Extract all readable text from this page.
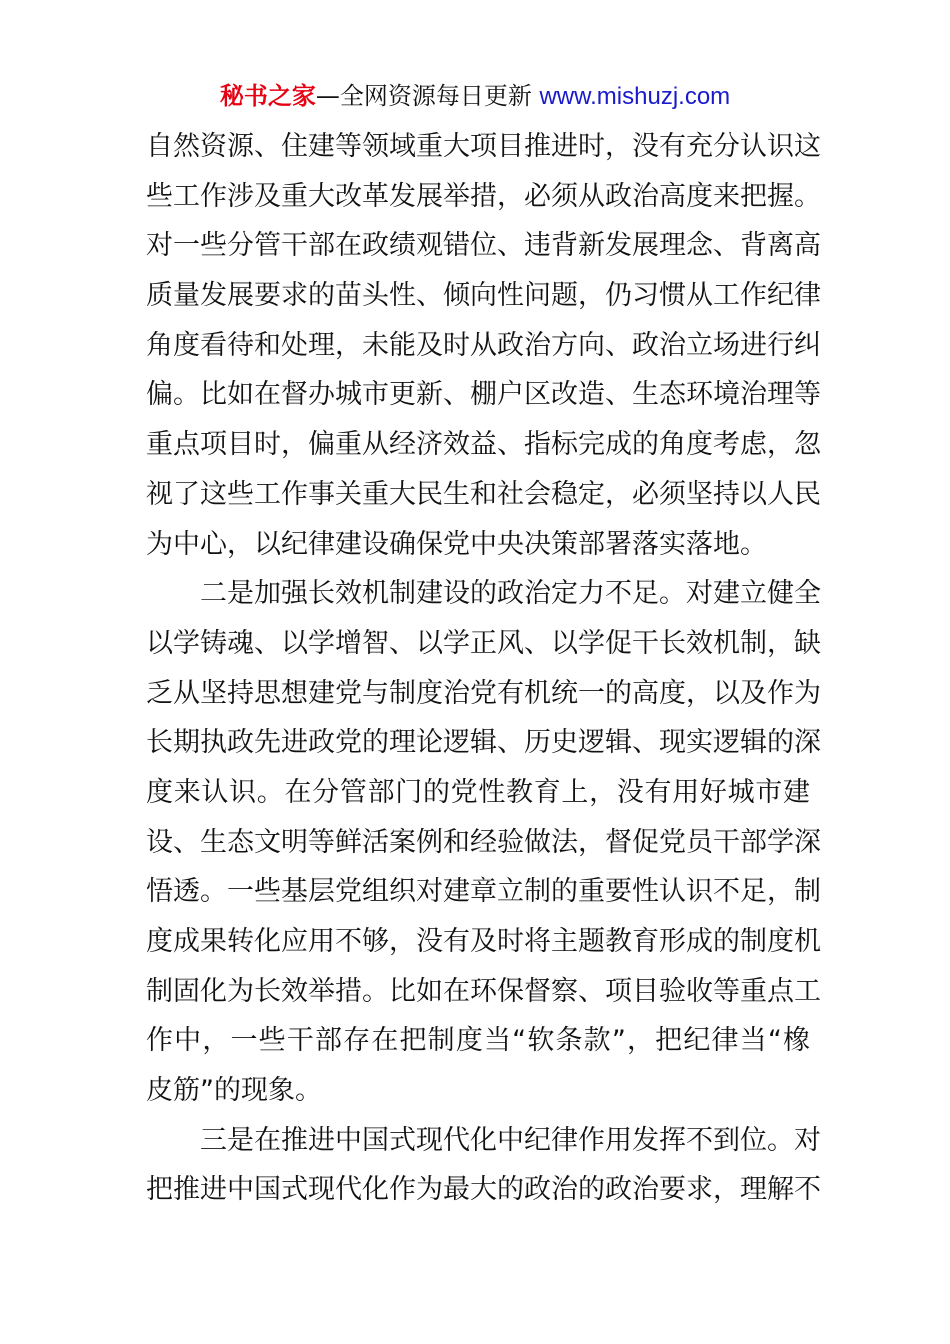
秘书之家—全网资源每日更新 www.mishuzj.com
自然资源、住建等领域重大项目推进时，没有充分认识这
些工作涉及重大改革发展举措，必须从政治高度来把握。
对一些分管干部在政绩观错位、违背新发展理念、背离高
质量发展要求的苗头性、倾向性问题，仍习惯从工作纪律
角度看待和处理，未能及时从政治方向、政治立场进行纠
偏。比如在督办城市更新、棚户区改造、生态环境治理等
重点项目时，偏重从经济效益、指标完成的角度考虑，忽
视了这些工作事关重大民生和社会稳定，必须坚持以人民
为中心，以纪律建设确保党中央决策部署落实落地。
二是加强长效机制建设的政治定力不足。对建立健全
以学铸魂、以学增智、以学正风、以学促干长效机制，缺
乏从坚持思想建党与制度治党有机统一的高度，以及作为
长期执政先进政党的理论逻辑、历史逻辑、现实逻辑的深
度来认识。在分管部门的党性教育上，没有用好城市建
设、生态文明等鲜活案例和经验做法，督促党员干部学深
悟透。一些基层党组织对建章立制的重要性认识不足，制
度成果转化应用不够，没有及时将主题教育形成的制度机
制固化为长效举措。比如在环保督察、项目验收等重点工
作中，一些干部存在把制度当“软条款”，把纪律当“橡
皮筋”的现象。
三是在推进中国式现代化中纪律作用发挥不到位。对
把推进中国式现代化作为最大的政治的政治要求，理解不
